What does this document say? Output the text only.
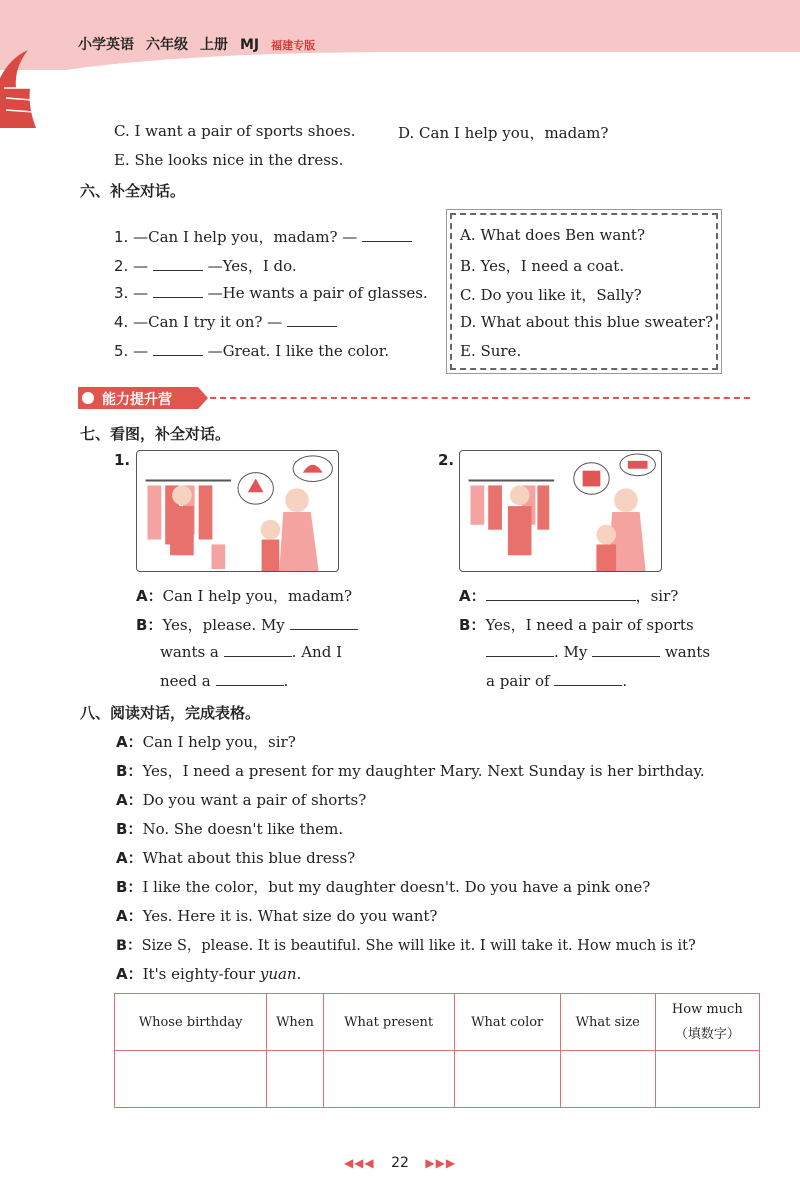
小学英语 六年级 上册 MJ 福建专版
C. I want a pair of sports shoes.	D. Can I help you，madam?
E. She looks nice in the dress.
六、补全对话。
1. —Can I help you，madam? —
2. —	—Yes，I do.
3. —	—He wants a pair of glasses.
4. —Can I try it on? —
5. —	—Great. I like the color.
A. What does Ben want?
B. Yes，I need a coat.
C. Do you like it，Sally?
D. What about this blue sweater?
E. Sure.
能力提升营
七、看图，补全对话。
1.	2.
A：Can I help you，madam?
B：Yes，please. My
wants a	. And I
need a	.
A：	，sir?
B：Yes，I need a pair of sports
. My	wants
a pair of	.
八、阅读对话，完成表格。
A：Can I help you，sir?
B：Yes，I need a present for my daughter Mary. Next Sunday is her birthday.
A：Do you want a pair of shorts?
B：No. She doesn't like them.
A：What about this blue dress?
B：I like the color，but my daughter doesn't. Do you have a pink one?
A：Yes. Here it is. What size do you want?
B：Size S，please. It is beautiful. She will like it. I will take it. How much is it?
A：It's eighty-four yuan.
Whose birthday	When	What present	What color	What size	How much
（填数字）

◀◀◀ 22 ▶▶▶
